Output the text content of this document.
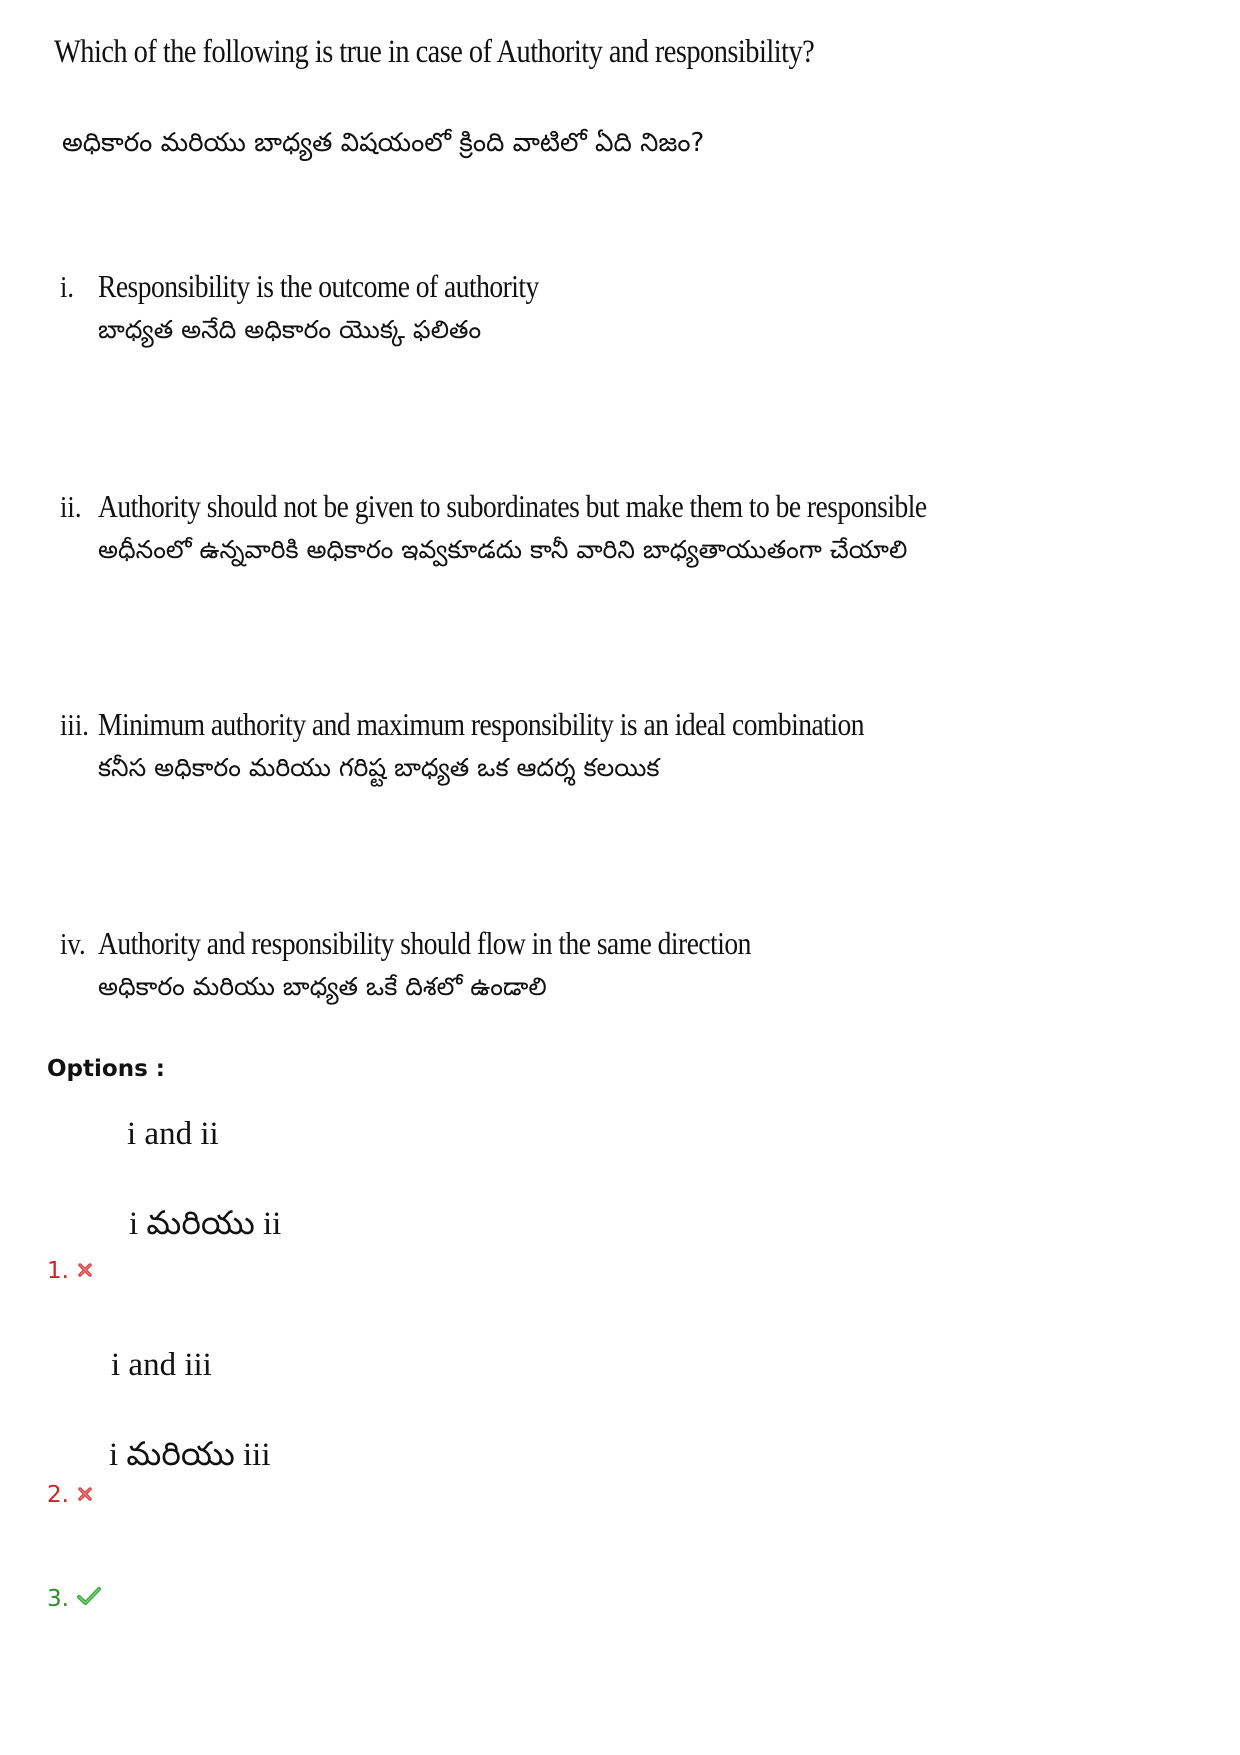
Which of the following is true in case of Authority and responsibility?
అధికారం మరియు బాధ్యత విషయంలో క్రింది వాటిలో ఏది నిజం?
i. Responsibility is the outcome of authority
బాధ్యత అనేది అధికారం యొక్క ఫలితం
ii. Authority should not be given to subordinates but make them to be responsible
అధీనంలో ఉన్నవారికి అధికారం ఇవ్వకూడదు కానీ వారిని బాధ్యతాయుతంగా చేయాలి
iii. Minimum authority and maximum responsibility is an ideal combination
కనీస అధికారం మరియు గరిష్ట బాధ్యత ఒక ఆదర్శ కలయిక
iv. Authority and responsibility should flow in the same direction
అధికారం మరియు బాధ్యత ఒకే దిశలో ఉండాలి
Options :
i and ii
i మరియు ii
1.
i and iii
i మరియు iii
2.
3.
